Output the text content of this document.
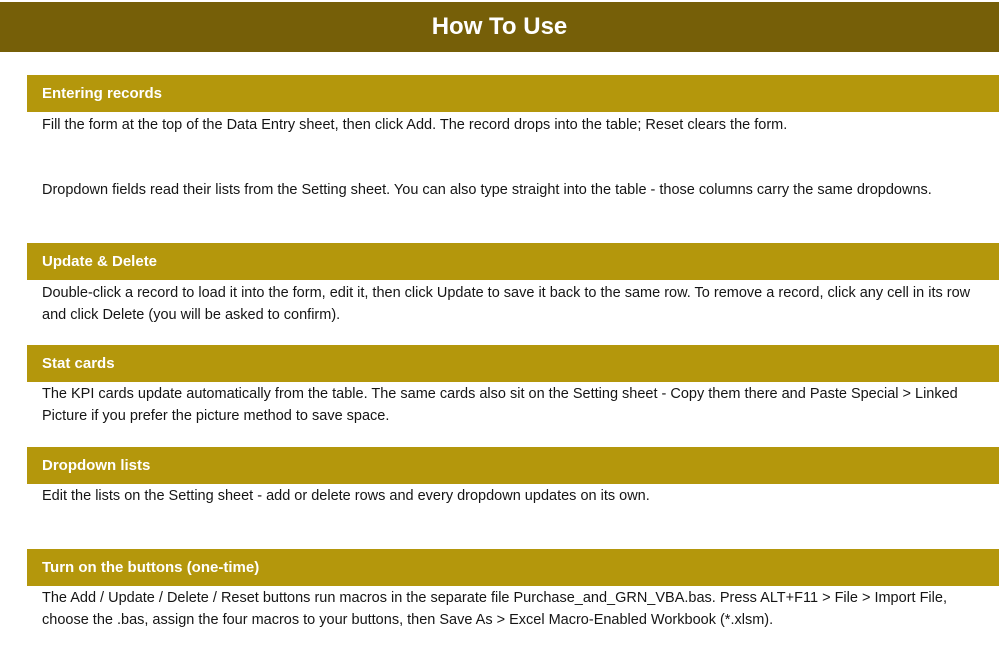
How To Use
Entering records
Fill the form at the top of the Data Entry sheet, then click Add. The record drops into the table; Reset clears the form.
Dropdown fields read their lists from the Setting sheet. You can also type straight into the table - those columns carry the same dropdowns.
Update & Delete
Double-click a record to load it into the form, edit it, then click Update to save it back to the same row. To remove a record, click any cell in its row and click Delete (you will be asked to confirm).
Stat cards
The KPI cards update automatically from the table. The same cards also sit on the Setting sheet - Copy them there and Paste Special > Linked Picture if you prefer the picture method to save space.
Dropdown lists
Edit the lists on the Setting sheet - add or delete rows and every dropdown updates on its own.
Turn on the buttons (one-time)
The Add / Update / Delete / Reset buttons run macros in the separate file Purchase_and_GRN_VBA.bas. Press ALT+F11 > File > Import File, choose the .bas, assign the four macros to your buttons, then Save As > Excel Macro-Enabled Workbook (*.xlsm).
